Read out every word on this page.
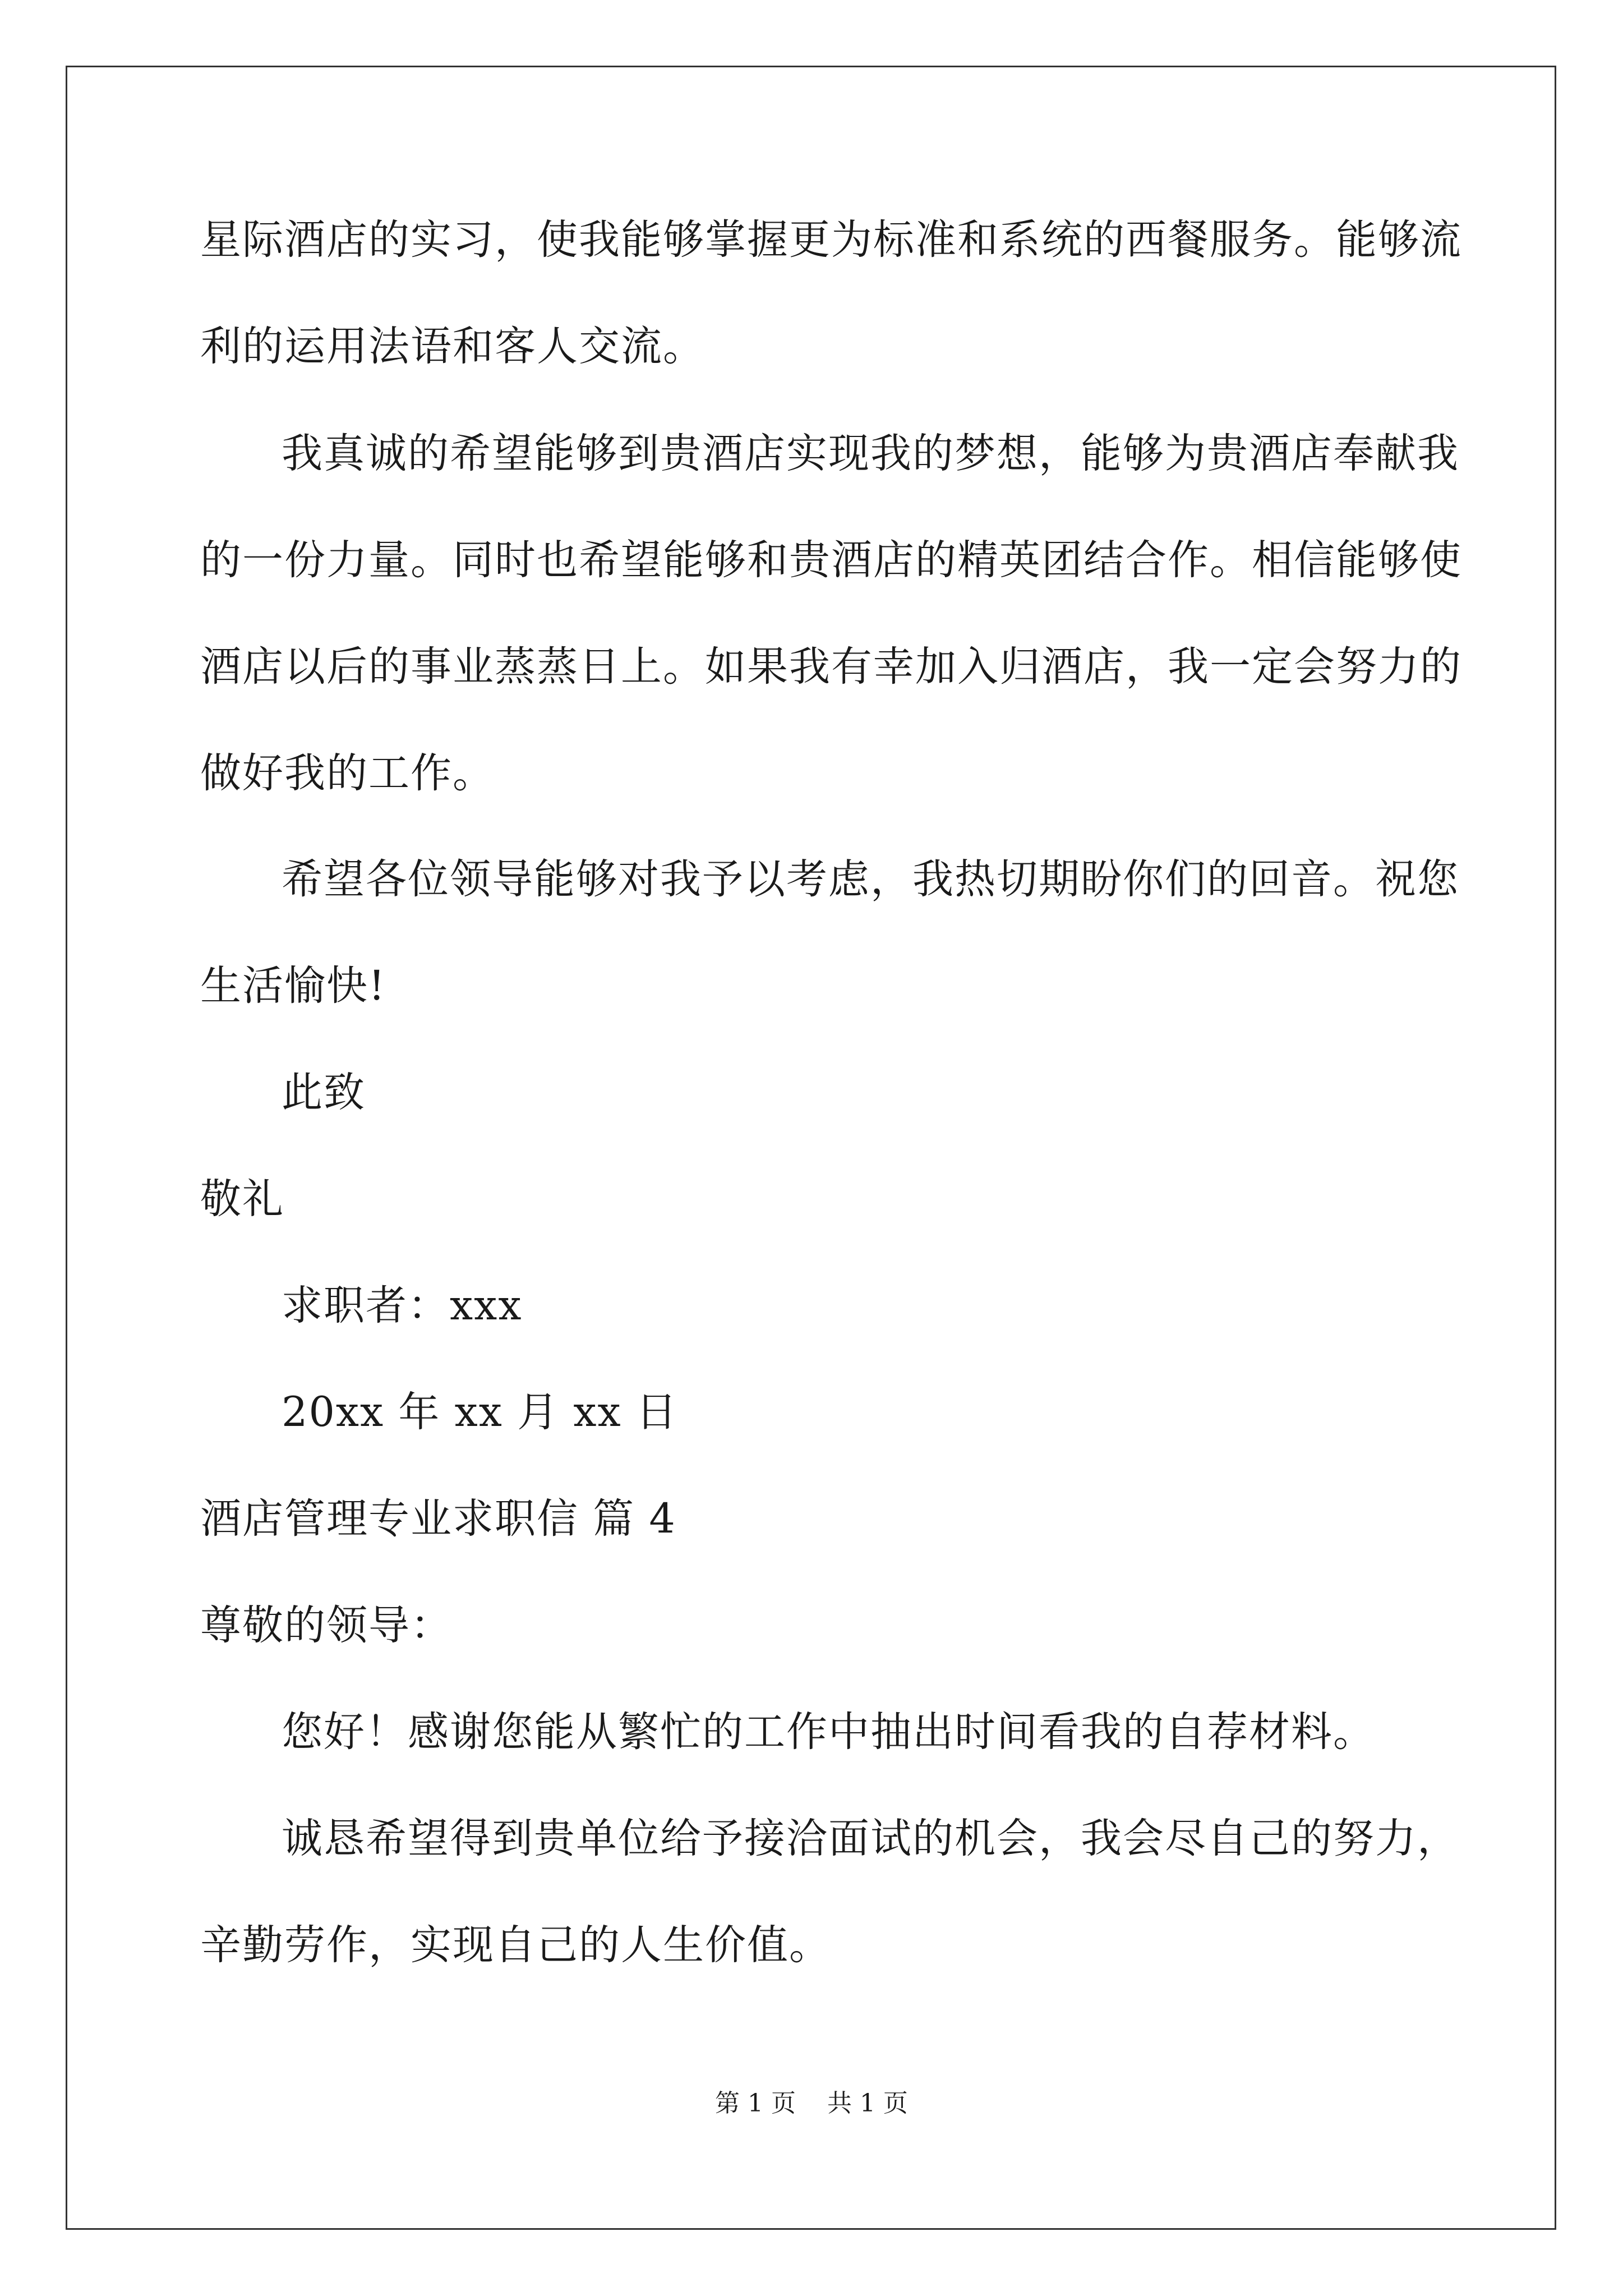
星际酒店的实习，使我能够掌握更为标准和系统的西餐服务。能够流
利的运用法语和客人交流。
我真诚的希望能够到贵酒店实现我的梦想，能够为贵酒店奉献我
的一份力量。同时也希望能够和贵酒店的精英团结合作。相信能够使
酒店以后的事业蒸蒸日上。如果我有幸加入归酒店，我一定会努力的
做好我的工作。
希望各位领导能够对我予以考虑，我热切期盼你们的回音。祝您
生活愉快!
此致
敬礼
求职者：xxx
20xx 年 xx 月 xx 日
酒店管理专业求职信 篇 4
尊敬的领导：
您好！感谢您能从繁忙的工作中抽出时间看我的自荐材料。
诚恳希望得到贵单位给予接洽面试的机会，我会尽自己的努力，
辛勤劳作，实现自己的人生价值。
第 1 页    共 1 页
